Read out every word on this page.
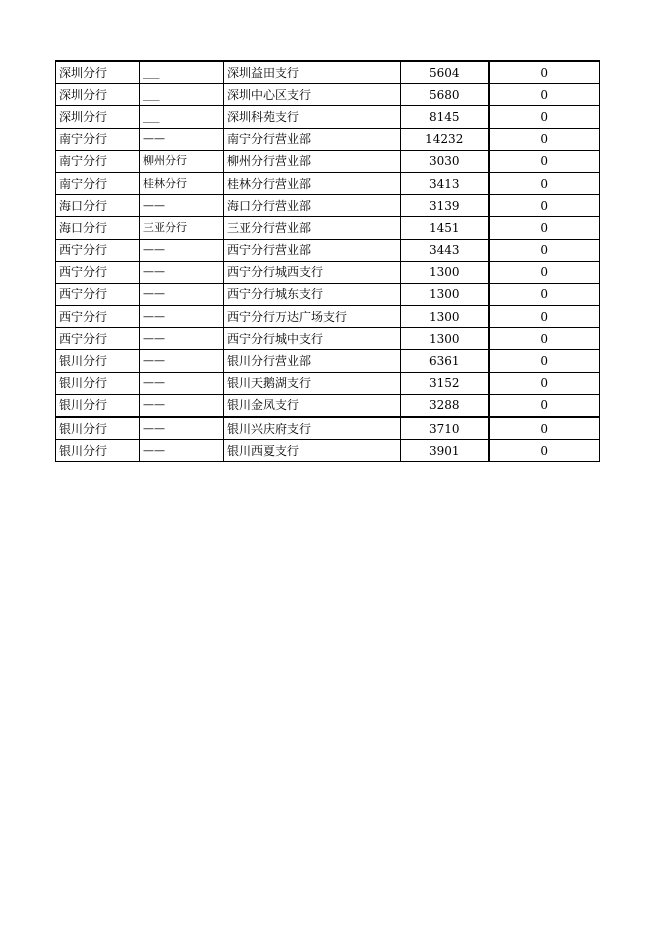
深圳分行	___	深圳益田支行	5604	0
深圳分行	___	深圳中心区支行	5680	0
深圳分行	___	深圳科苑支行	8145	0
南宁分行	——	南宁分行营业部	14232	0
南宁分行	柳州分行	柳州分行营业部	3030	0
南宁分行	桂林分行	桂林分行营业部	3413	0
海口分行	——	海口分行营业部	3139	0
海口分行	三亚分行	三亚分行营业部	1451	0
西宁分行	——	西宁分行营业部	3443	0
西宁分行	——	西宁分行城西支行	1300	0
西宁分行	——	西宁分行城东支行	1300	0
西宁分行	——	西宁分行万达广场支行	1300	0
西宁分行	——	西宁分行城中支行	1300	0
银川分行	——	银川分行营业部	6361	0
银川分行	——	银川天鹅湖支行	3152	0
银川分行	——	银川金凤支行	3288	0
银川分行	——	银川兴庆府支行	3710	0
银川分行	——	银川西夏支行	3901	0
